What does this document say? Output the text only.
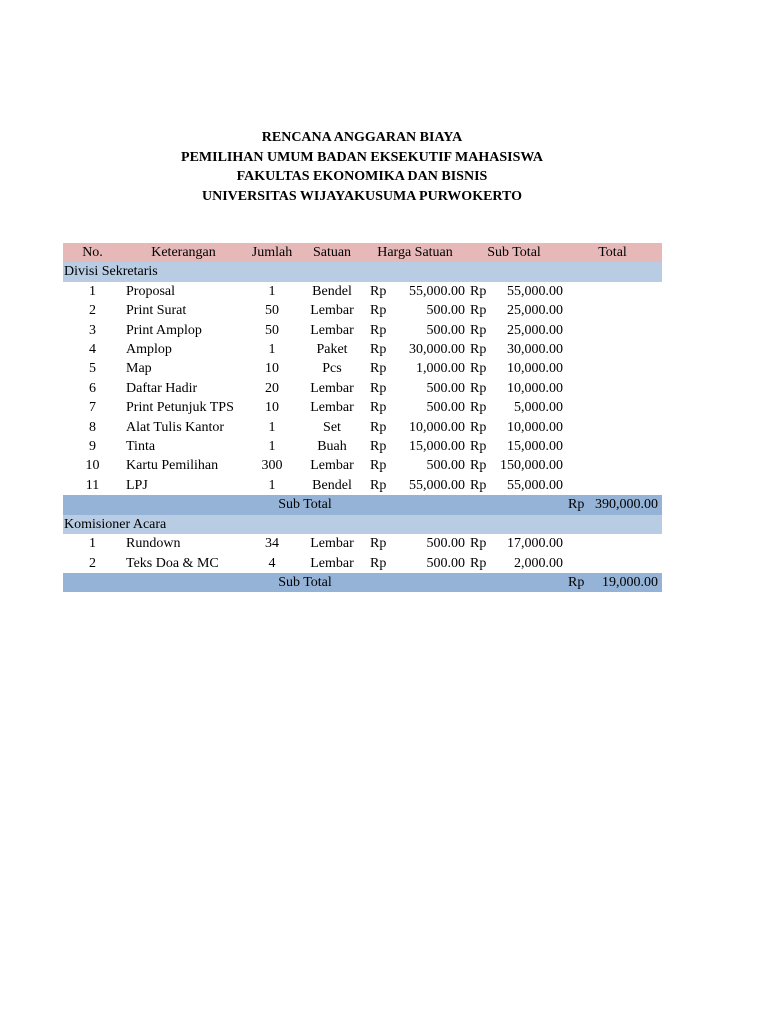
RENCANA ANGGARAN BIAYA
PEMILIHAN UMUM BADAN EKSEKUTIF MAHASISWA
FAKULTAS EKONOMIKA DAN BISNIS
UNIVERSITAS WIJAYAKUSUMA PURWOKERTO
No.	Keterangan	Jumlah	Satuan	Harga Satuan		Sub Total		Total	
Divisi Sekretaris									
1	Proposal	1	Bendel	Rp	55,000.00	Rp	55,000.00		
2	Print Surat	50	Lembar	Rp	500.00	Rp	25,000.00		
3	Print Amplop	50	Lembar	Rp	500.00	Rp	25,000.00		
4	Amplop	1	Paket	Rp	30,000.00	Rp	30,000.00		
5	Map	10	Pcs	Rp	1,000.00	Rp	10,000.00		
6	Daftar Hadir	20	Lembar	Rp	500.00	Rp	10,000.00		
7	Print Petunjuk TPS	10	Lembar	Rp	500.00	Rp	5,000.00		
8	Alat Tulis Kantor	1	Set	Rp	10,000.00	Rp	10,000.00		
9	Tinta	1	Buah	Rp	15,000.00	Rp	15,000.00		
10	Kartu Pemilihan	300	Lembar	Rp	500.00	Rp	150,000.00		
11	LPJ	1	Bendel	Rp	55,000.00	Rp	55,000.00		
		Sub Total						Rp	390,000.00
Komisioner Acara									
1	Rundown	34	Lembar	Rp	500.00	Rp	17,000.00		
2	Teks Doa & MC	4	Lembar	Rp	500.00	Rp	2,000.00		
		Sub Total						Rp	19,000.00
